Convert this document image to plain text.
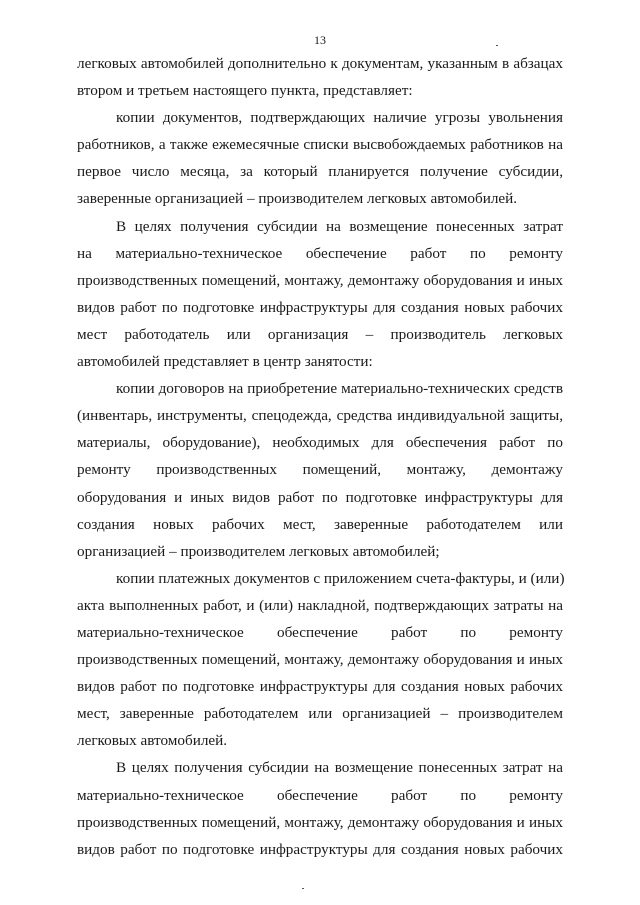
13
легковых автомобилей дополнительно к документам, указанным в абзацах
втором и третьем настоящего пункта, представляет:
копии документов, подтверждающих наличие угрозы увольнения
работников, а также ежемесячные списки высвобождаемых работников на
первое число месяца, за который планируется получение субсидии,
заверенные организацией – производителем легковых автомобилей.
В целях получения субсидии на возмещение понесенных затрат
на материально-техническое обеспечение работ по ремонту
производственных помещений, монтажу, демонтажу оборудования и иных
видов работ по подготовке инфраструктуры для создания новых рабочих
мест работодатель или организация – производитель легковых
автомобилей представляет в центр занятости:
копии договоров на приобретение материально-технических средств
(инвентарь, инструменты, спецодежда, средства индивидуальной защиты,
материалы, оборудование), необходимых для обеспечения работ по
ремонту производственных помещений, монтажу, демонтажу
оборудования и иных видов работ по подготовке инфраструктуры для
создания новых рабочих мест, заверенные работодателем или
организацией – производителем легковых автомобилей;
копии платежных документов с приложением счета-фактуры, и (или)
акта выполненных работ, и (или) накладной, подтверждающих затраты на
материально-техническое обеспечение работ по ремонту
производственных помещений, монтажу, демонтажу оборудования и иных
видов работ по подготовке инфраструктуры для создания новых рабочих
мест, заверенные работодателем или организацией – производителем
легковых автомобилей.
В целях получения субсидии на возмещение понесенных затрат на
материально-техническое обеспечение работ по ремонту
производственных помещений, монтажу, демонтажу оборудования и иных
видов работ по подготовке инфраструктуры для создания новых рабочих
